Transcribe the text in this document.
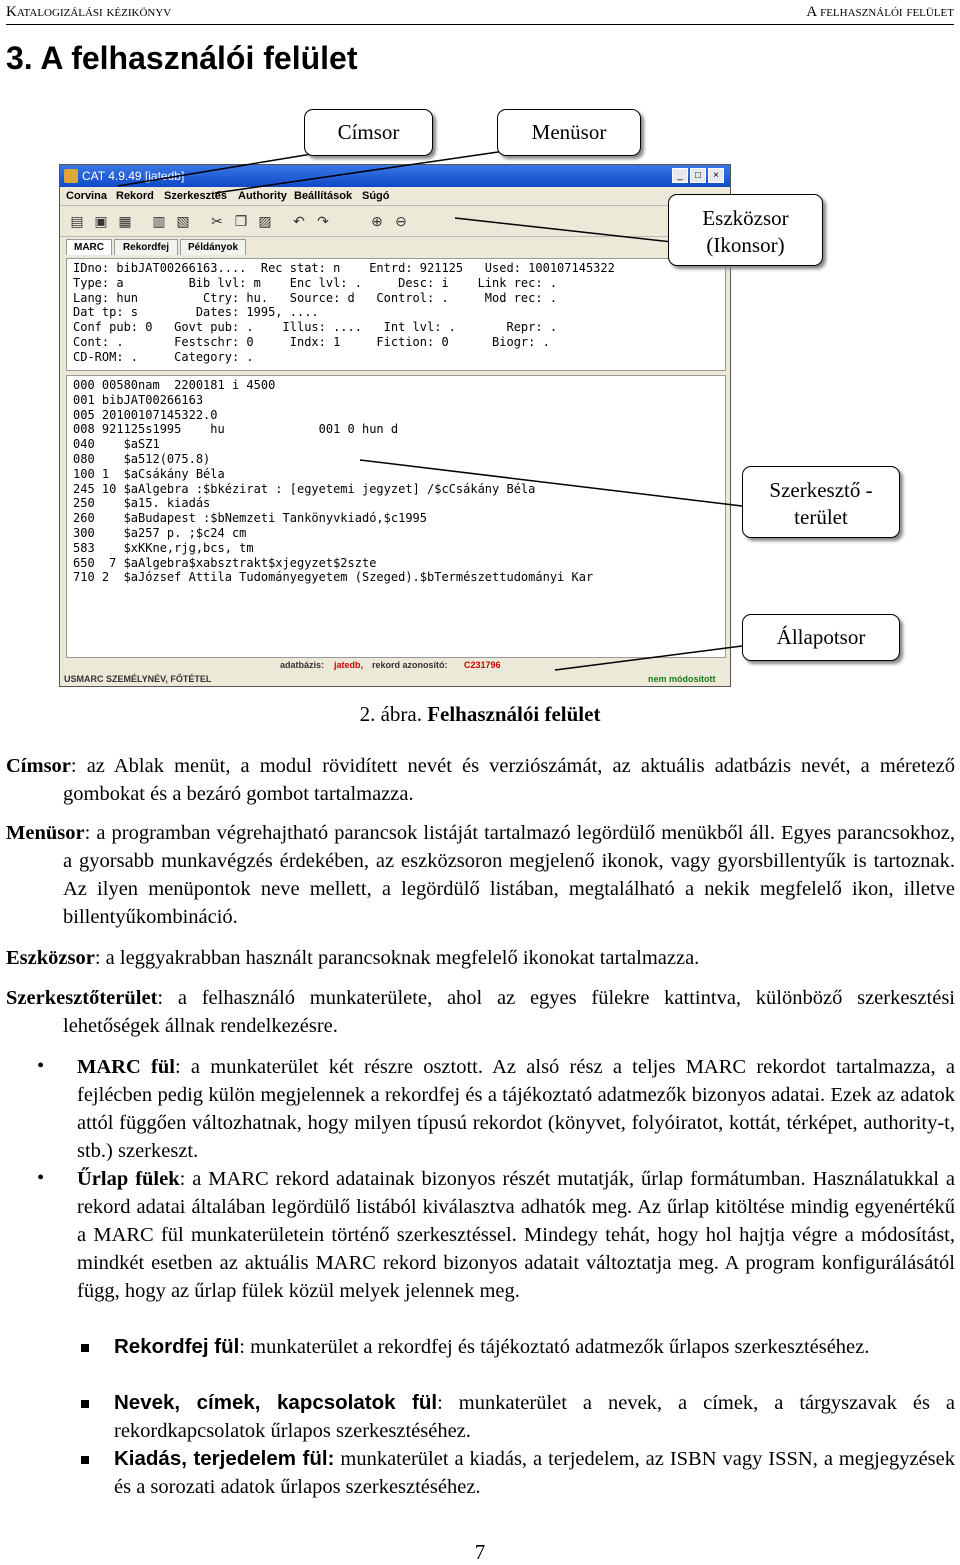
Katalogizálási kézikönyv	A felhasználói felület
3. A felhasználói felület
CAT 4.9.49 [jatedb]	_	□	×
Corvina Rekord Szerkesztés Authority Beállítások Súgó
▤ ▣ ▦	▥ ▧	✂ ❐ ▨	↶ ↷	⊕ ⊖
MARC	Rekordfej	Példányok
IDno: bibJAT00266163....  Rec stat: n    Entrd: 921125   Used: 100107145322
Type: a         Bib lvl: m    Enc lvl: .     Desc: i    Link rec: .
Lang: hun         Ctry: hu.   Source: d   Control: .     Mod rec: .
Dat tp: s        Dates: 1995, ....
Conf pub: 0   Govt pub: .    Illus: ....   Int lvl: .       Repr: .
Cont: .       Festschr: 0     Indx: 1     Fiction: 0      Biogr: .
CD-ROM: .     Category: .
000 00580nam  2200181 i 4500
001 bibJAT00266163
005 20100107145322.0
008 921125s1995    hu             001 0 hun d
040    $aSZ1
080    $a512(075.8)
100 1  $aCsákány Béla
245 10 $aAlgebra :$bkézirat : [egyetemi jegyzet] /$cCsákány Béla
250    $a15. kiadás
260    $aBudapest :$bNemzeti Tankönyvkiadó,$c1995
300    $a257 p. ;$c24 cm
583    $xKKne,rjg,bcs, tm
650  7 $aAlgebra$xabsztrakt$xjegyzet$2szte
710 2  $aJózsef Attila Tudományegyetem (Szeged).$bTermészettudományi Kar
adatbázis: jatedb, rekord azonosító: C231796
USMARC SZEMÉLYNÉV, FŐTÉTEL	nem módosított
Címsor	Menüsor
Eszközsor (Ikonsor)
Szerkesztő -terület
Állapotsor
2. ábra. Felhasználói felület
Címsor: az Ablak menüt, a modul rövidített nevét és verziószámát, az aktuális adatbázis nevét, a méretező gombokat és a bezáró gombot tartalmazza.
Menüsor: a programban végrehajtható parancsok listáját tartalmazó legördülő menükből áll. Egyes parancsokhoz, a gyorsabb munkavégzés érdekében, az eszközsoron megjelenő ikonok, vagy gyorsbillentyűk is tartoznak. Az ilyen menüpontok neve mellett, a legördülő listában, megtalálható a nekik megfelelő ikon, illetve billentyűkombináció.
Eszközsor: a leggyakrabban használt parancsoknak megfelelő ikonokat tartalmazza.
Szerkesztőterület: a felhasználó munkaterülete, ahol az egyes fülekre kattintva, különböző szerkesztési lehetőségek állnak rendelkezésre.
• MARC fül: a munkaterület két részre osztott. Az alsó rész a teljes MARC rekordot tartalmazza, a fejlécben pedig külön megjelennek a rekordfej és a tájékoztató adatmezők bizonyos adatai. Ezek az adatok attól függően változhatnak, hogy milyen típusú rekordot (könyvet, folyóiratot, kottát, térképet, authority-t, stb.) szerkeszt.
• Űrlap fülek: a MARC rekord adatainak bizonyos részét mutatják, űrlap formátumban. Használatukkal a rekord adatai általában legördülő listából kiválasztva adhatók meg. Az űrlap kitöltése mindig egyenértékű a MARC fül munkaterületein történő szerkesztéssel. Mindegy tehát, hogy hol hajtja végre a módosítást, mindkét esetben az aktuális MARC rekord bizonyos adatait változtatja meg. A program konfigurálásától függ, hogy az űrlap fülek közül melyek jelennek meg.
Rekordfej fül: munkaterület a rekordfej és tájékoztató adatmezők űrlapos szerkesztéséhez.
Nevek, címek, kapcsolatok fül: munkaterület a nevek, a címek, a tárgyszavak és a rekordkapcsolatok űrlapos szerkesztéséhez.
Kiadás, terjedelem fül: munkaterület a kiadás, a terjedelem, az ISBN vagy ISSN, a megjegyzések és a sorozati adatok űrlapos szerkesztéséhez.
7
